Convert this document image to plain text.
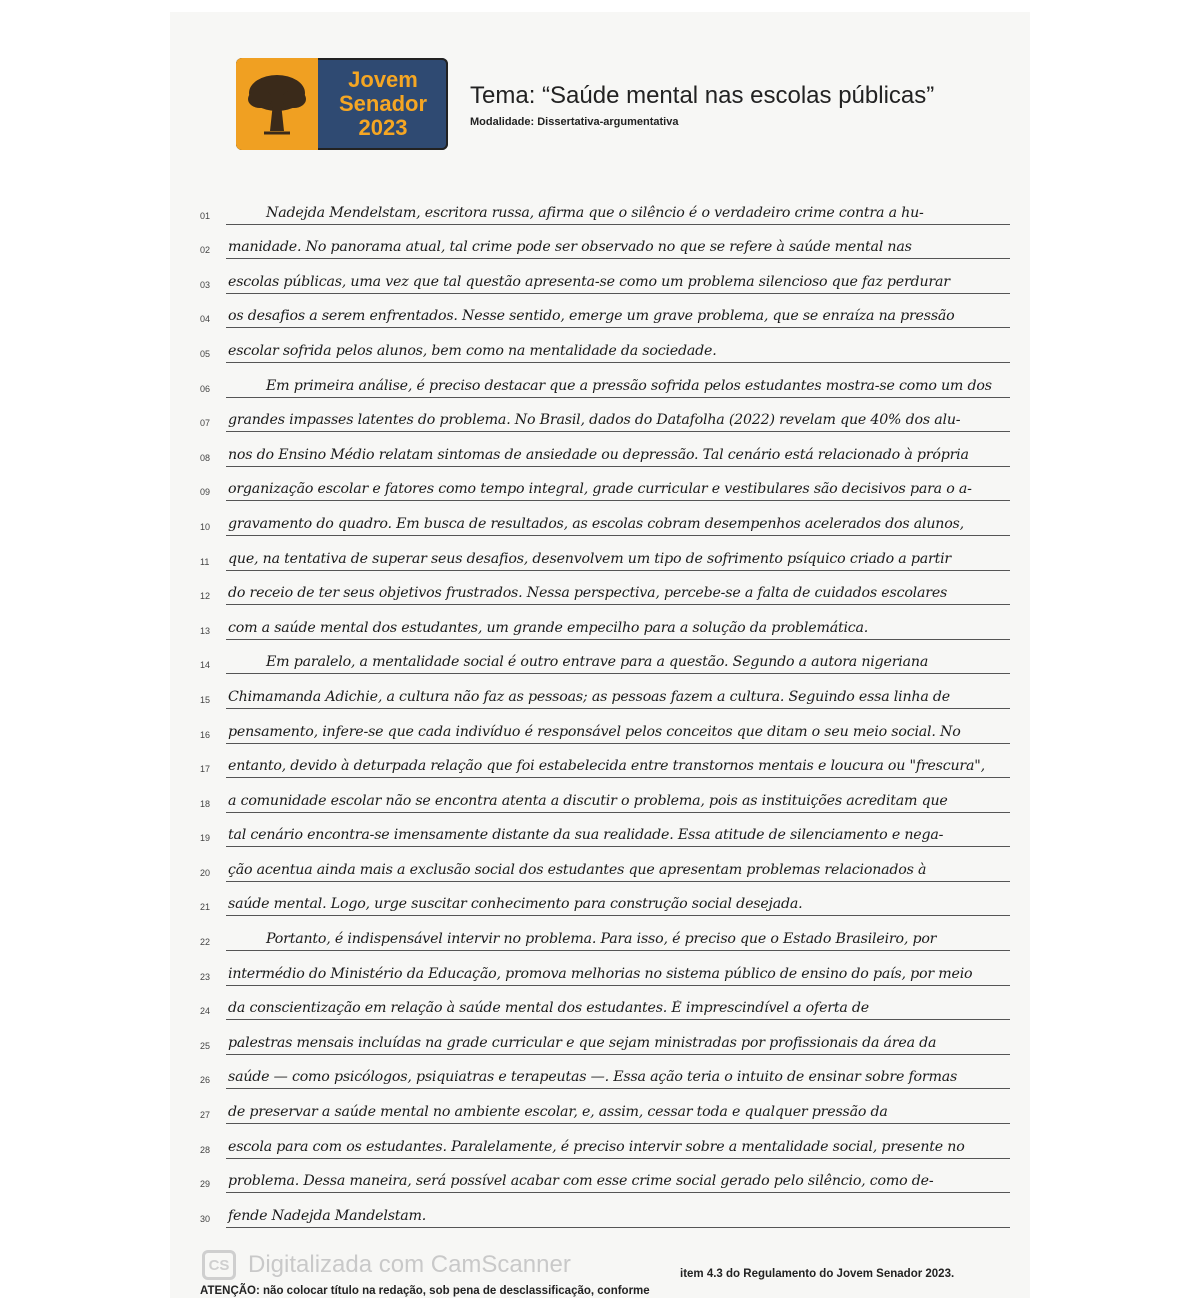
Jovem
Senador
2023
Tema: “Saúde mental nas escolas públicas”
Modalidade: Dissertativa-argumentativa
01	Nadejda Mendelstam, escritora russa, afirma que o silêncio é o verdadeiro crime contra a hu-
02	manidade. No panorama atual, tal crime pode ser observado no que se refere à saúde mental nas
03	escolas públicas, uma vez que tal questão apresenta-se como um problema silencioso que faz perdurar
04	os desafios a serem enfrentados. Nesse sentido, emerge um grave problema, que se enraíza na pressão
05	escolar sofrida pelos alunos, bem como na mentalidade da sociedade.
06	Em primeira análise, é preciso destacar que a pressão sofrida pelos estudantes mostra-se como um dos
07	grandes impasses latentes do problema. No Brasil, dados do Datafolha (2022) revelam que 40% dos alu-
08	nos do Ensino Médio relatam sintomas de ansiedade ou depressão. Tal cenário está relacionado à própria
09	organização escolar e fatores como tempo integral, grade curricular e vestibulares são decisivos para o a-
10	gravamento do quadro. Em busca de resultados, as escolas cobram desempenhos acelerados dos alunos,
11	que, na tentativa de superar seus desafios, desenvolvem um tipo de sofrimento psíquico criado a partir
12	do receio de ter seus objetivos frustrados. Nessa perspectiva, percebe-se a falta de cuidados escolares
13	com a saúde mental dos estudantes, um grande empecilho para a solução da problemática.
14	Em paralelo, a mentalidade social é outro entrave para a questão. Segundo a autora nigeriana
15	Chimamanda Adichie, a cultura não faz as pessoas; as pessoas fazem a cultura. Seguindo essa linha de
16	pensamento, infere-se que cada indivíduo é responsável pelos conceitos que ditam o seu meio social. No
17	entanto, devido à deturpada relação que foi estabelecida entre transtornos mentais e loucura ou "frescura",
18	a comunidade escolar não se encontra atenta a discutir o problema, pois as instituições acreditam que
19	tal cenário encontra-se imensamente distante da sua realidade. Essa atitude de silenciamento e nega-
20	ção acentua ainda mais a exclusão social dos estudantes que apresentam problemas relacionados à
21	saúde mental. Logo, urge suscitar conhecimento para construção social desejada.
22	Portanto, é indispensável intervir no problema. Para isso, é preciso que o Estado Brasileiro, por
23	intermédio do Ministério da Educação, promova melhorias no sistema público de ensino do país, por meio
24	da conscientização em relação à saúde mental dos estudantes. É imprescindível a oferta de
25	palestras mensais incluídas na grade curricular e que sejam ministradas por profissionais da área da
26	saúde — como psicólogos, psiquiatras e terapeutas —. Essa ação teria o intuito de ensinar sobre formas
27	de preservar a saúde mental no ambiente escolar, e, assim, cessar toda e qualquer pressão da
28	escola para com os estudantes. Paralelamente, é preciso intervir sobre a mentalidade social, presente no
29	problema. Dessa maneira, será possível acabar com esse crime social gerado pelo silêncio, como de-
30	fende Nadejda Mandelstam.
CS Digitalizada com CamScanner	item 4.3 do Regulamento do Jovem Senador 2023.
ATENÇÃO: não colocar título na redação, sob pena de desclassificação, conforme
